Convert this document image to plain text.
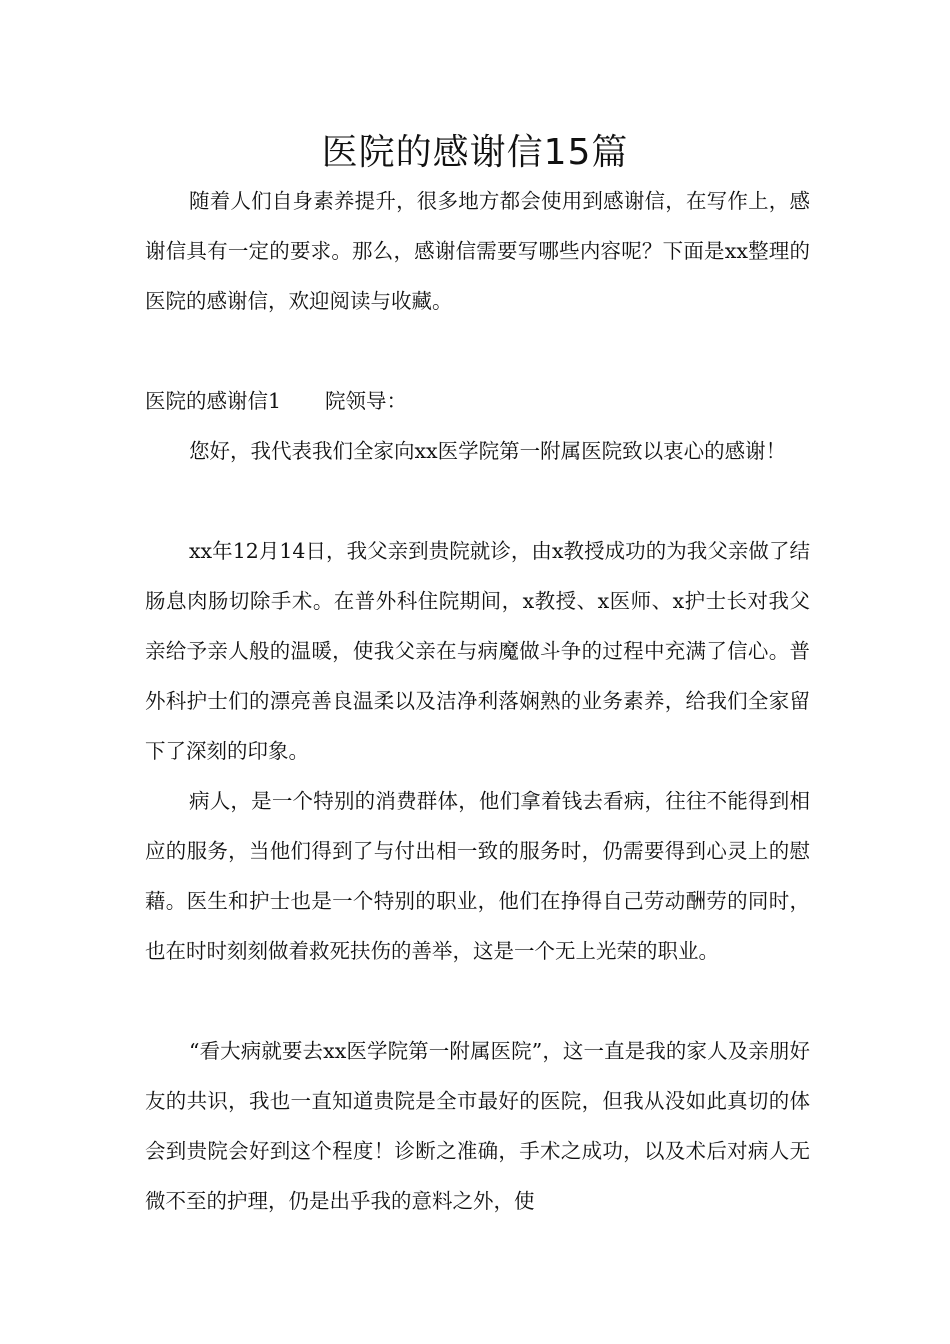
医院的感谢信15篇

随着人们自身素养提升，很多地方都会使用到感谢信，在写作上，感谢信具有一定的要求。那么，感谢信需要写哪些内容呢？下面是xx整理的医院的感谢信，欢迎阅读与收藏。

医院的感谢信1 院领导：

您好，我代表我们全家向xx医学院第一附属医院致以衷心的感谢！

xx年12月14日，我父亲到贵院就诊，由x教授成功的为我父亲做了结肠息肉肠切除手术。在普外科住院期间，x教授、x医师、x护士长对我父亲给予亲人般的温暖，使我父亲在与病魔做斗争的过程中充满了信心。普外科护士们的漂亮善良温柔以及洁净利落娴熟的业务素养，给我们全家留下了深刻的印象。

病人，是一个特别的消费群体，他们拿着钱去看病，往往不能得到相应的服务，当他们得到了与付出相一致的服务时，仍需要得到心灵上的慰藉。医生和护士也是一个特别的职业，他们在挣得自己劳动酬劳的同时，也在时时刻刻做着救死扶伤的善举，这是一个无上光荣的职业。

“看大病就要去xx医学院第一附属医院”，这一直是我的家人及亲朋好友的共识，我也一直知道贵院是全市最好的医院，但我从没如此真切的体会到贵院会好到这个程度！诊断之准确，手术之成功，以及术后对病人无微不至的护理，仍是出乎我的意料之外，使
